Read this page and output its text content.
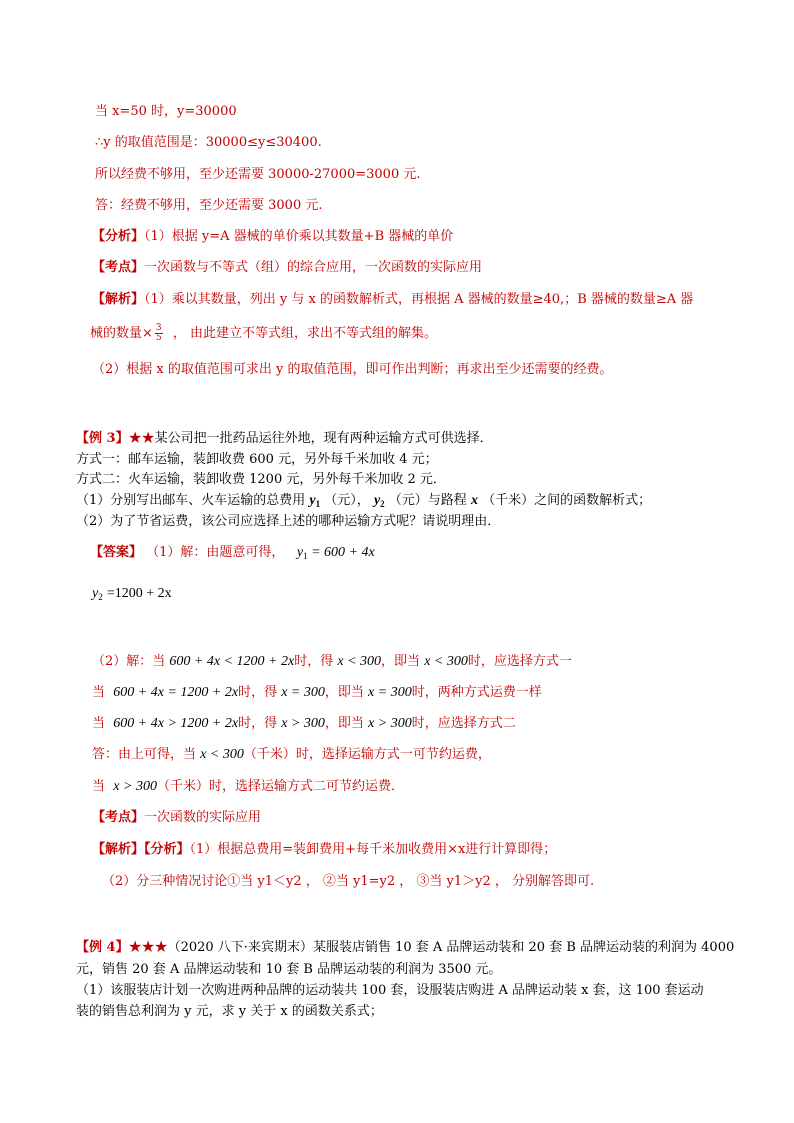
当 x=50 时，y=30000
∴y 的取值范围是：30000≤y≤30400.
所以经费不够用，至少还需要 30000-27000=3000 元.
答：经费不够用，至少还需要 3000 元.
【分析】（1）根据 y=A 器械的单价乘以其数量+B 器械的单价
【考点】一次函数与不等式（组）的综合应用，一次函数的实际应用
【解析】（1）乘以其数量，列出 y 与 x 的函数解析式，再根据 A 器械的数量≥40,；B 器械的数量≥A 器
械的数量× $\frac{3}{5}$ ， 由此建立不等式组，求出不等式组的解集。
（2）根据 x 的取值范围可求出 y 的取值范围，即可作出判断；再求出至少还需要的经费。
【例 3】★★某公司把一批药品运往外地，现有两种运输方式可供选择．
方式一：邮车运输，装卸收费 600 元，另外每千米加收 4 元；
方式二：火车运输，装卸收费 1200 元，另外每千米加收 2 元．
（1）分别写出邮车、火车运输的总费用 $y_1$ （元）， $y_2$ （元）与路程 x （千米）之间的函数解析式；
（2）为了节省运费，该公司应选择上述的哪种运输方式呢？请说明理由．
【答案】 （1）解：由题意可得， $y_1 = 600 + 4x$
$y_2 =1200 + 2x$
（2）解：当 600 + 4x < 1200 + 2x时，得 x < 300，即当 x < 300时，应选择方式一
当 600 + 4x = 1200 + 2x时，得 x = 300，即当 x = 300时，两种方式运费一样
当 600 + 4x > 1200 + 2x时，得 x > 300，即当 x > 300时，应选择方式二
答：由上可得，当 x < 300（千米）时，选择运输方式一可节约运费，
当 x > 300（千米）时，选择运输方式二可节约运费．
【考点】一次函数的实际应用
【解析】【分析】（1）根据总费用=装卸费用+每千米加收费用×x进行计算即得；
（2）分三种情况讨论①当 y1＜y2 ， ②当 y1=y2 ， ③当 y1＞y2 ， 分别解答即可.
【例 4】★★★（2020 八下·来宾期末）某服装店销售 10 套 A 品牌运动装和 20 套 B 品牌运动装的利润为 4000
元，销售 20 套 A 品牌运动装和 10 套 B 品牌运动装的利润为 3500 元。
（1）该服装店计划一次购进两种品牌的运动装共 100 套，设服装店购进 A 品牌运动装 x 套，这 100 套运动
装的销售总利润为 y 元，求 y 关于 x 的函数关系式；
